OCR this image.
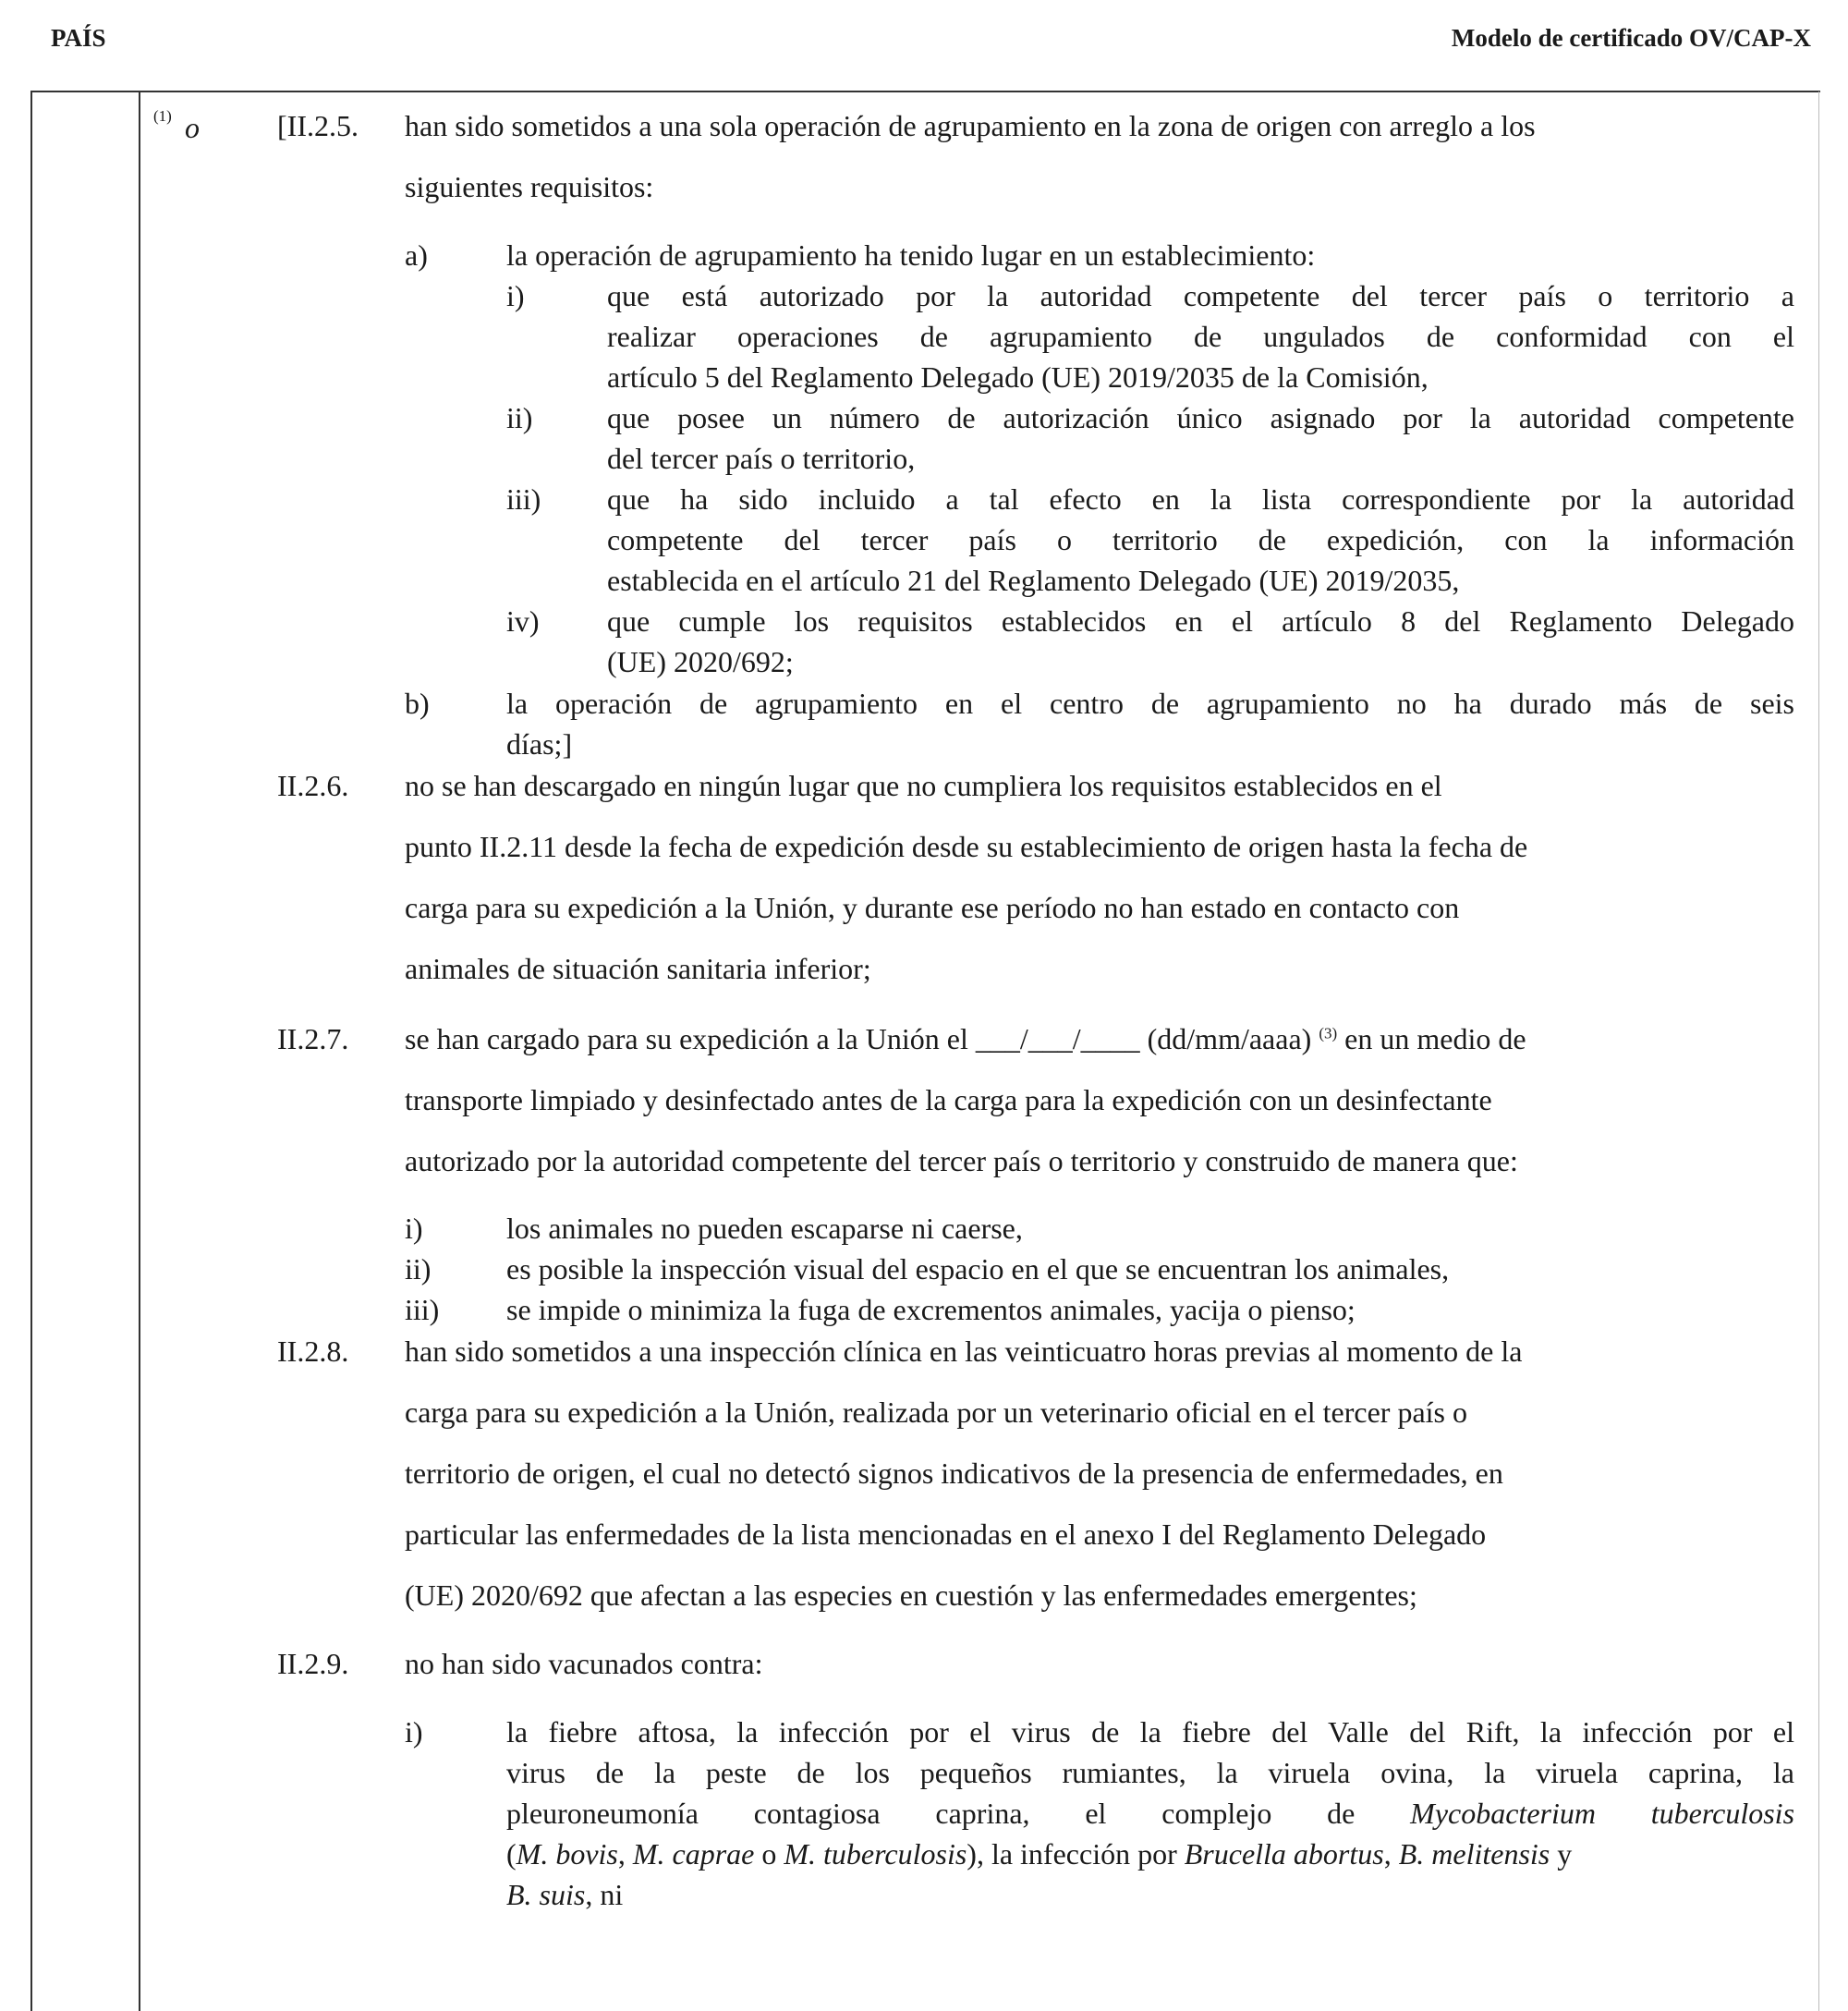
PAÍS	Modelo de certificado OV/CAP-X
(1) o	[II.2.5. han sido sometidos a una sola operación de agrupamiento en la zona de origen con arreglo a los
siguientes requisitos:
a)	la operación de agrupamiento ha tenido lugar en un establecimiento:
i)	que está autorizado por la autoridad competente del tercer país o territorio a
realizar operaciones de agrupamiento de ungulados de conformidad con el
artículo 5 del Reglamento Delegado (UE) 2019/2035 de la Comisión,
ii)	que posee un número de autorización único asignado por la autoridad competente
del tercer país o territorio,
iii) que ha sido incluido a tal efecto en la lista correspondiente por la autoridad
competente del tercer país o territorio de expedición, con la información
establecida en el artículo 21 del Reglamento Delegado (UE) 2019/2035,
iv) que cumple los requisitos establecidos en el artículo 8 del Reglamento Delegado
(UE) 2020/692;
b)	la operación de agrupamiento en el centro de agrupamiento no ha durado más de seis
días;]
II.2.6. no se han descargado en ningún lugar que no cumpliera los requisitos establecidos en el
punto II.2.11 desde la fecha de expedición desde su establecimiento de origen hasta la fecha de
carga para su expedición a la Unión, y durante ese período no han estado en contacto con
animales de situación sanitaria inferior;
II.2.7. se han cargado para su expedición a la Unión el ___/___/____ (dd/mm/aaaa) $^{(3)}$ en un medio de
transporte limpiado y desinfectado antes de la carga para la expedición con un desinfectante
autorizado por la autoridad competente del tercer país o territorio y construido de manera que:
i)	los animales no pueden escaparse ni caerse,
ii)	es posible la inspección visual del espacio en el que se encuentran los animales,
iii) se impide o minimiza la fuga de excrementos animales, yacija o pienso;
II.2.8. han sido sometidos a una inspección clínica en las veinticuatro horas previas al momento de la
carga para su expedición a la Unión, realizada por un veterinario oficial en el tercer país o
territorio de origen, el cual no detectó signos indicativos de la presencia de enfermedades, en
particular las enfermedades de la lista mencionadas en el anexo I del Reglamento Delegado
(UE) 2020/692 que afectan a las especies en cuestión y las enfermedades emergentes;
II.2.9. no han sido vacunados contra:
i)	la fiebre aftosa, la infección por el virus de la fiebre del Valle del Rift, la infección por el
virus de la peste de los pequeños rumiantes, la viruela ovina, la viruela caprina, la
pleuroneumonía contagiosa caprina, el complejo de Mycobacterium tuberculosis
(M. bovis, M. caprae o M. tuberculosis), la infección por Brucella abortus, B. melitensis y
B. suis, ni
